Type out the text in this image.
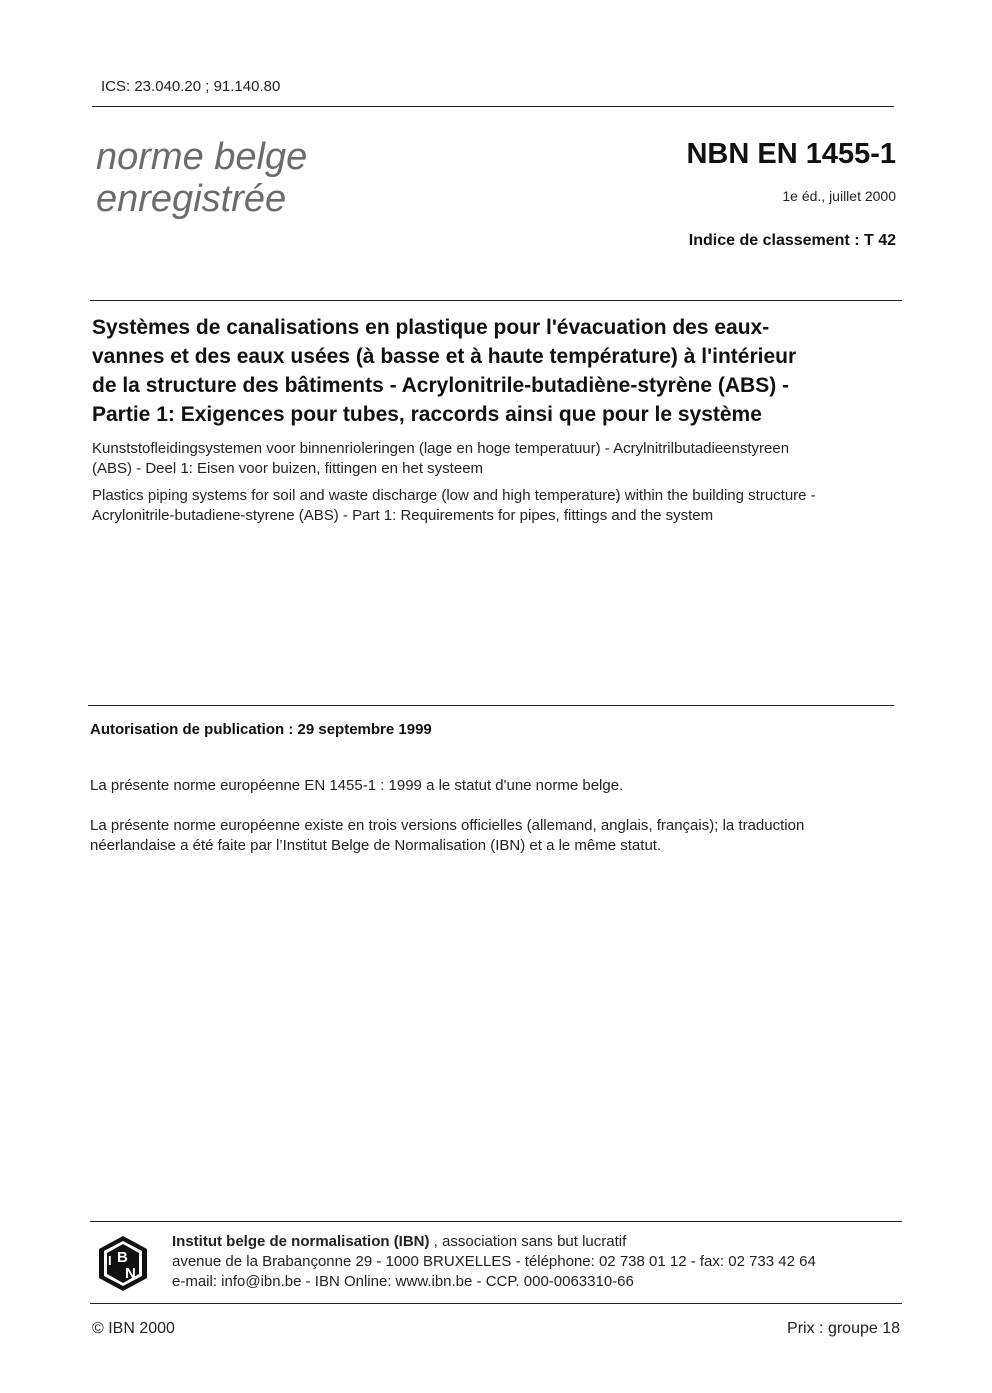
ICS: 23.040.20 ; 91.140.80
norme belge
enregistrée
NBN EN 1455-1
1e éd., juillet 2000
Indice de classement : T 42
Systèmes de canalisations en plastique pour l'évacuation des eaux-
vannes et des eaux usées (à basse et à haute température) à l'intérieur
de la structure des bâtiments - Acrylonitrile-butadiène-styrène (ABS) -
Partie 1: Exigences pour tubes, raccords ainsi que pour le système
Kunststofleidingsystemen voor binnenrioleringen (lage en hoge temperatuur) - Acrylnitrilbutadieenstyreen
(ABS) - Deel 1: Eisen voor buizen, fittingen en het systeem
Plastics piping systems for soil and waste discharge (low and high temperature) within the building structure -
Acrylonitrile-butadiene-styrene (ABS) - Part 1: Requirements for pipes, fittings and the system
Autorisation de publication : 29 septembre 1999
La présente norme européenne EN 1455-1 : 1999 a le statut d'une norme belge.
La présente norme européenne existe en trois versions officielles (allemand, anglais, français); la traduction
néerlandaise a été faite par l’Institut Belge de Normalisation (IBN) et a le même statut.
I B
N
Institut belge de normalisation (IBN) , association sans but lucratif
avenue de la Brabançonne 29 - 1000 BRUXELLES - téléphone: 02 738 01 12 - fax: 02 733 42 64
e-mail: info@ibn.be - IBN Online: www.ibn.be - CCP. 000-0063310-66
© IBN 2000	Prix : groupe 18
